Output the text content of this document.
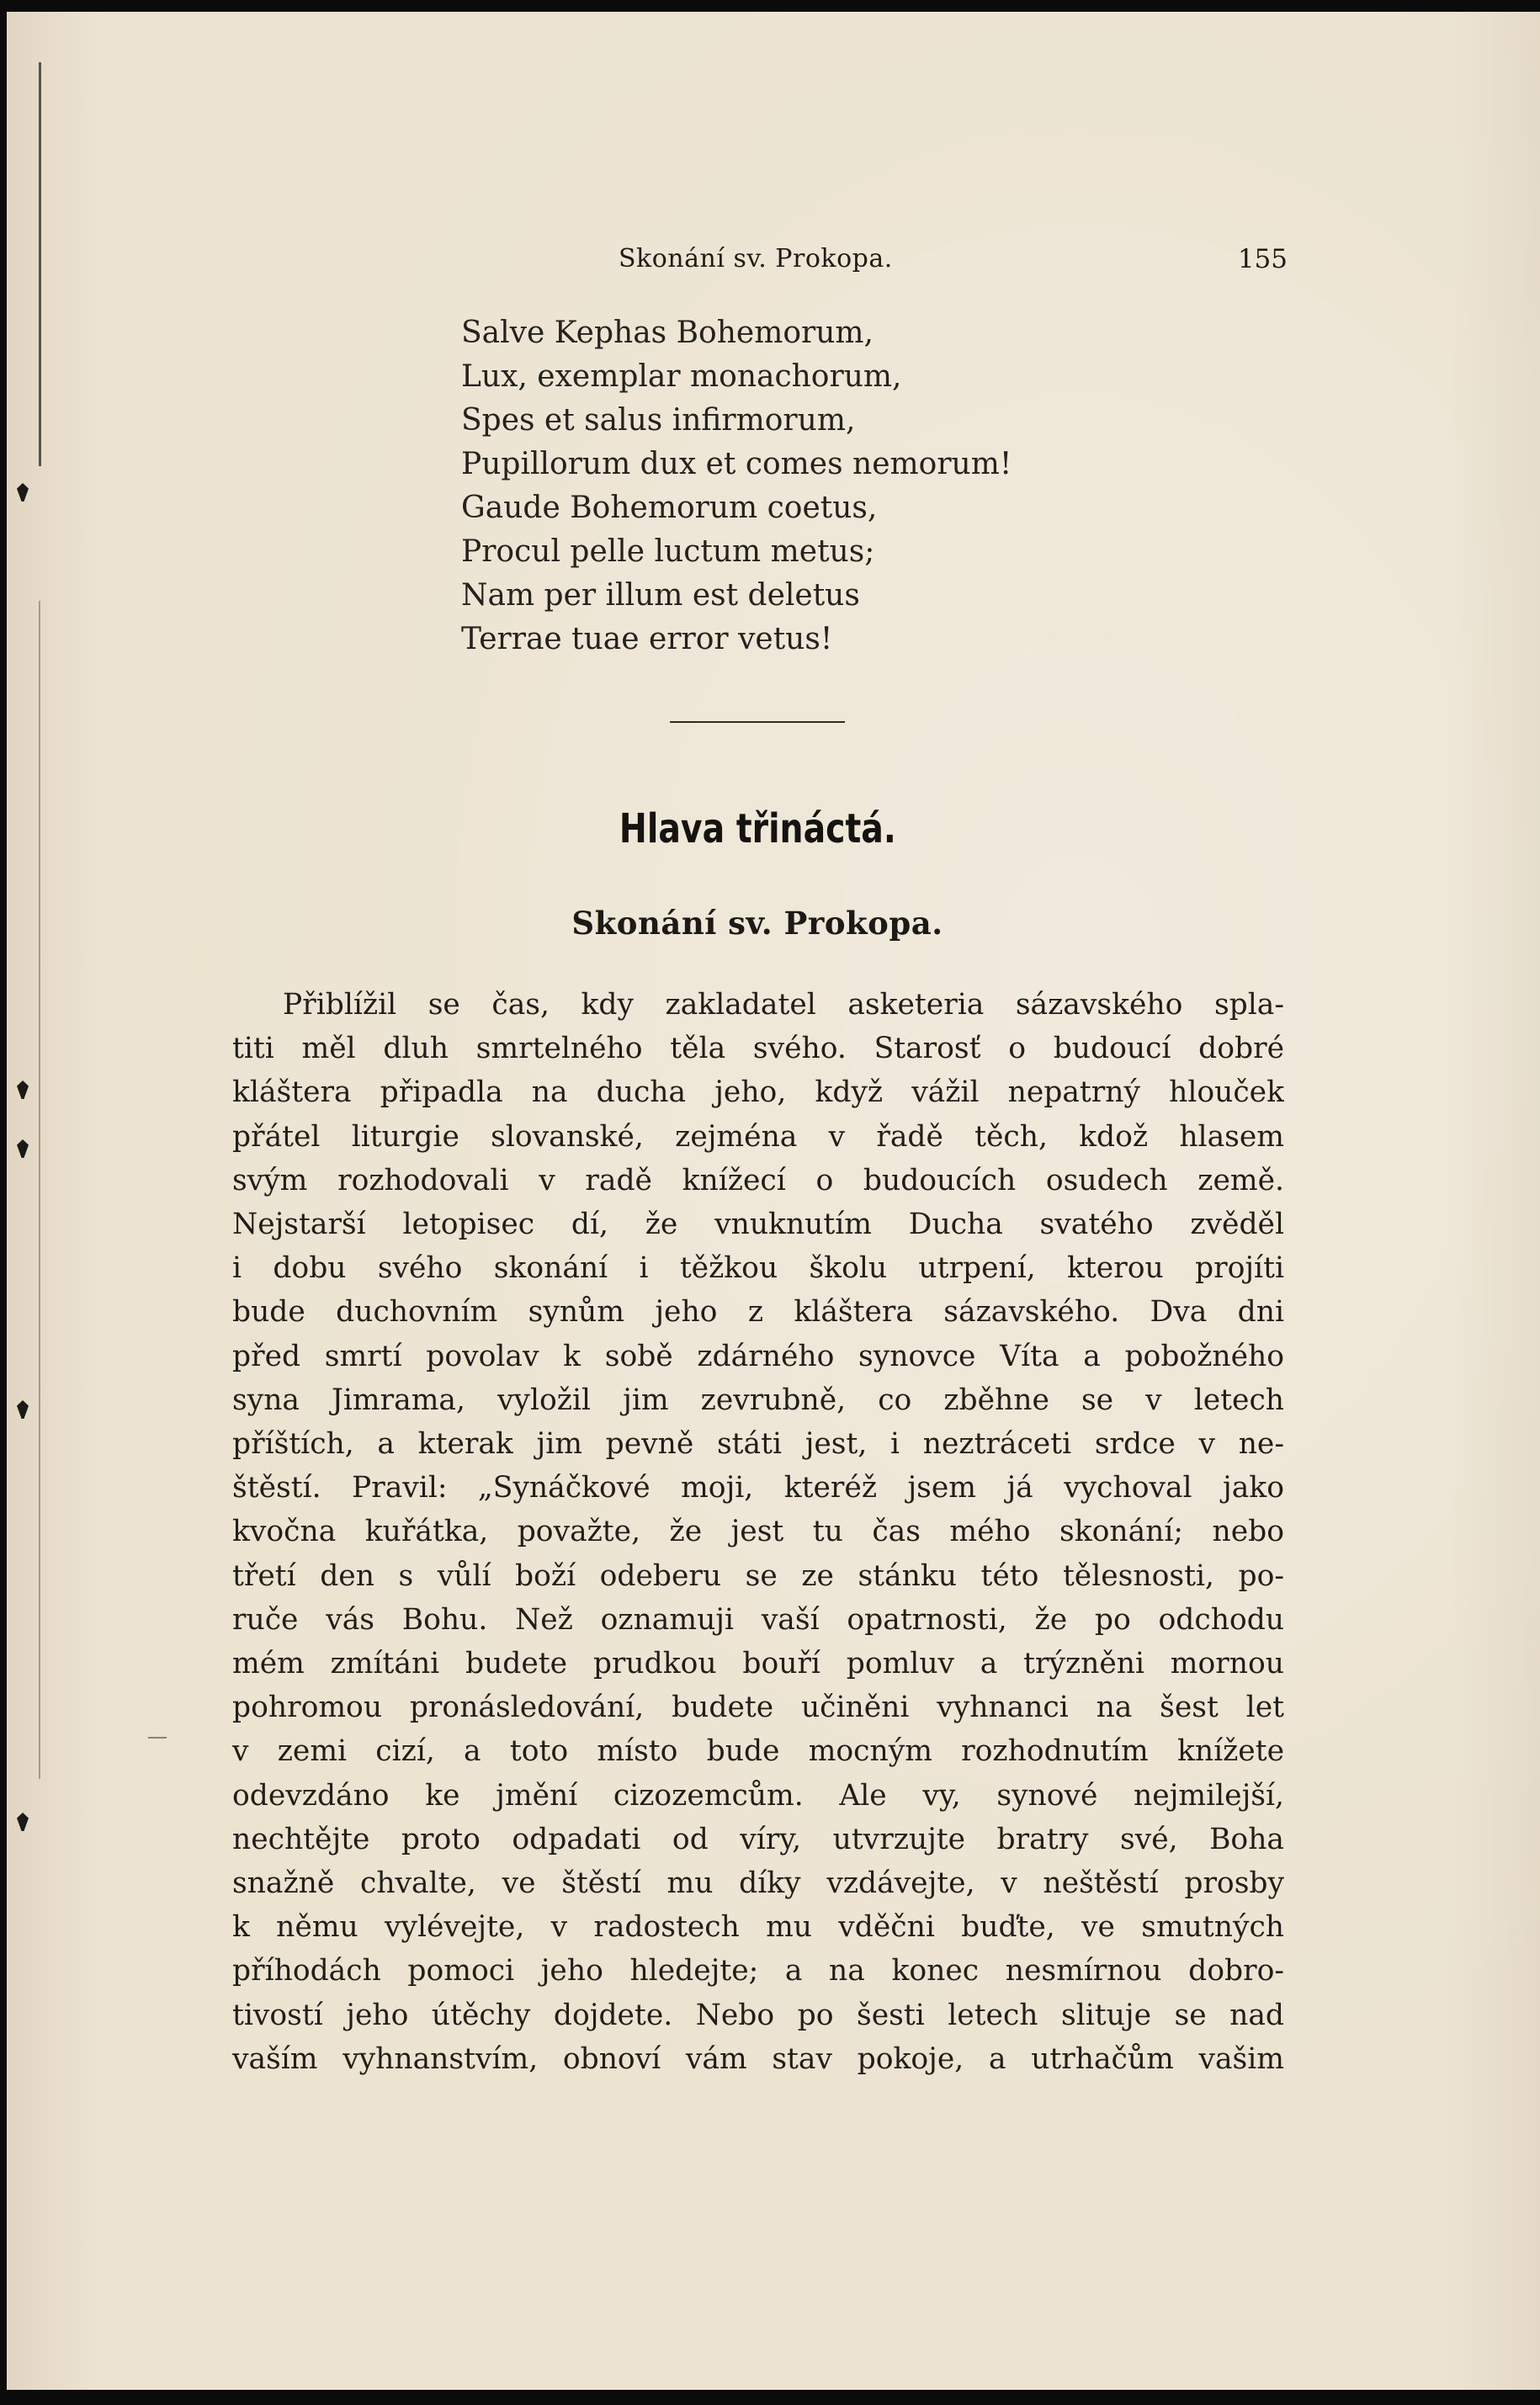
Skonání sv. Prokopa.	155
Salve Kephas Bohemorum,
Lux, exemplar monachorum,
Spes et salus infirmorum,
Pupillorum dux et comes nemorum!
Gaude Bohemorum coetus,
Procul pelle luctum metus;
Nam per illum est deletus
Terrae tuae error vetus!
Hlava třináctá.
Skonání sv. Prokopa.
Přiblížil se čas, kdy zakladatel asketeria sázavského spla-
titi měl dluh smrtelného těla svého. Starosť o budoucí dobré
kláštera připadla na ducha jeho, když vážil nepatrný hlouček
přátel liturgie slovanské, zejména v řadě těch, kdož hlasem
svým rozhodovali v radě knížecí o budoucích osudech země.
Nejstarší letopisec dí, že vnuknutím Ducha svatého zvěděl
i dobu svého skonání i těžkou školu utrpení, kterou projíti
bude duchovním synům jeho z kláštera sázavského. Dva dni
před smrtí povolav k sobě zdárného synovce Víta a pobožného
syna Jimrama, vyložil jim zevrubně, co zběhne se v letech
příštích, a kterak jim pevně státi jest, i neztráceti srdce v ne-
štěstí. Pravil: „Synáčkové moji, kteréž jsem já vychoval jako
kvočna kuřátka, považte, že jest tu čas mého skonání; nebo
třetí den s vůlí boží odeberu se ze stánku této tělesnosti, po-
ruče vás Bohu. Než oznamuji vaší opatrnosti, že po odchodu
mém zmítáni budete prudkou bouří pomluv a trýzněni mornou
pohromou pronásledování, budete učiněni vyhnanci na šest let
v zemi cizí, a toto místo bude mocným rozhodnutím knížete
odevzdáno ke jmění cizozemcům. Ale vy, synové nejmilejší,
nechtějte proto odpadati od víry, utvrzujte bratry své, Boha
snažně chvalte, ve štěstí mu díky vzdávejte, v neštěstí prosby
k němu vylévejte, v radostech mu vděčni buďte, ve smutných
příhodách pomoci jeho hledejte; a na konec nesmírnou dobro-
tivostí jeho útěchy dojdete. Nebo po šesti letech slituje se nad
vaším vyhnanstvím, obnoví vám stav pokoje, a utrhačům vašim
